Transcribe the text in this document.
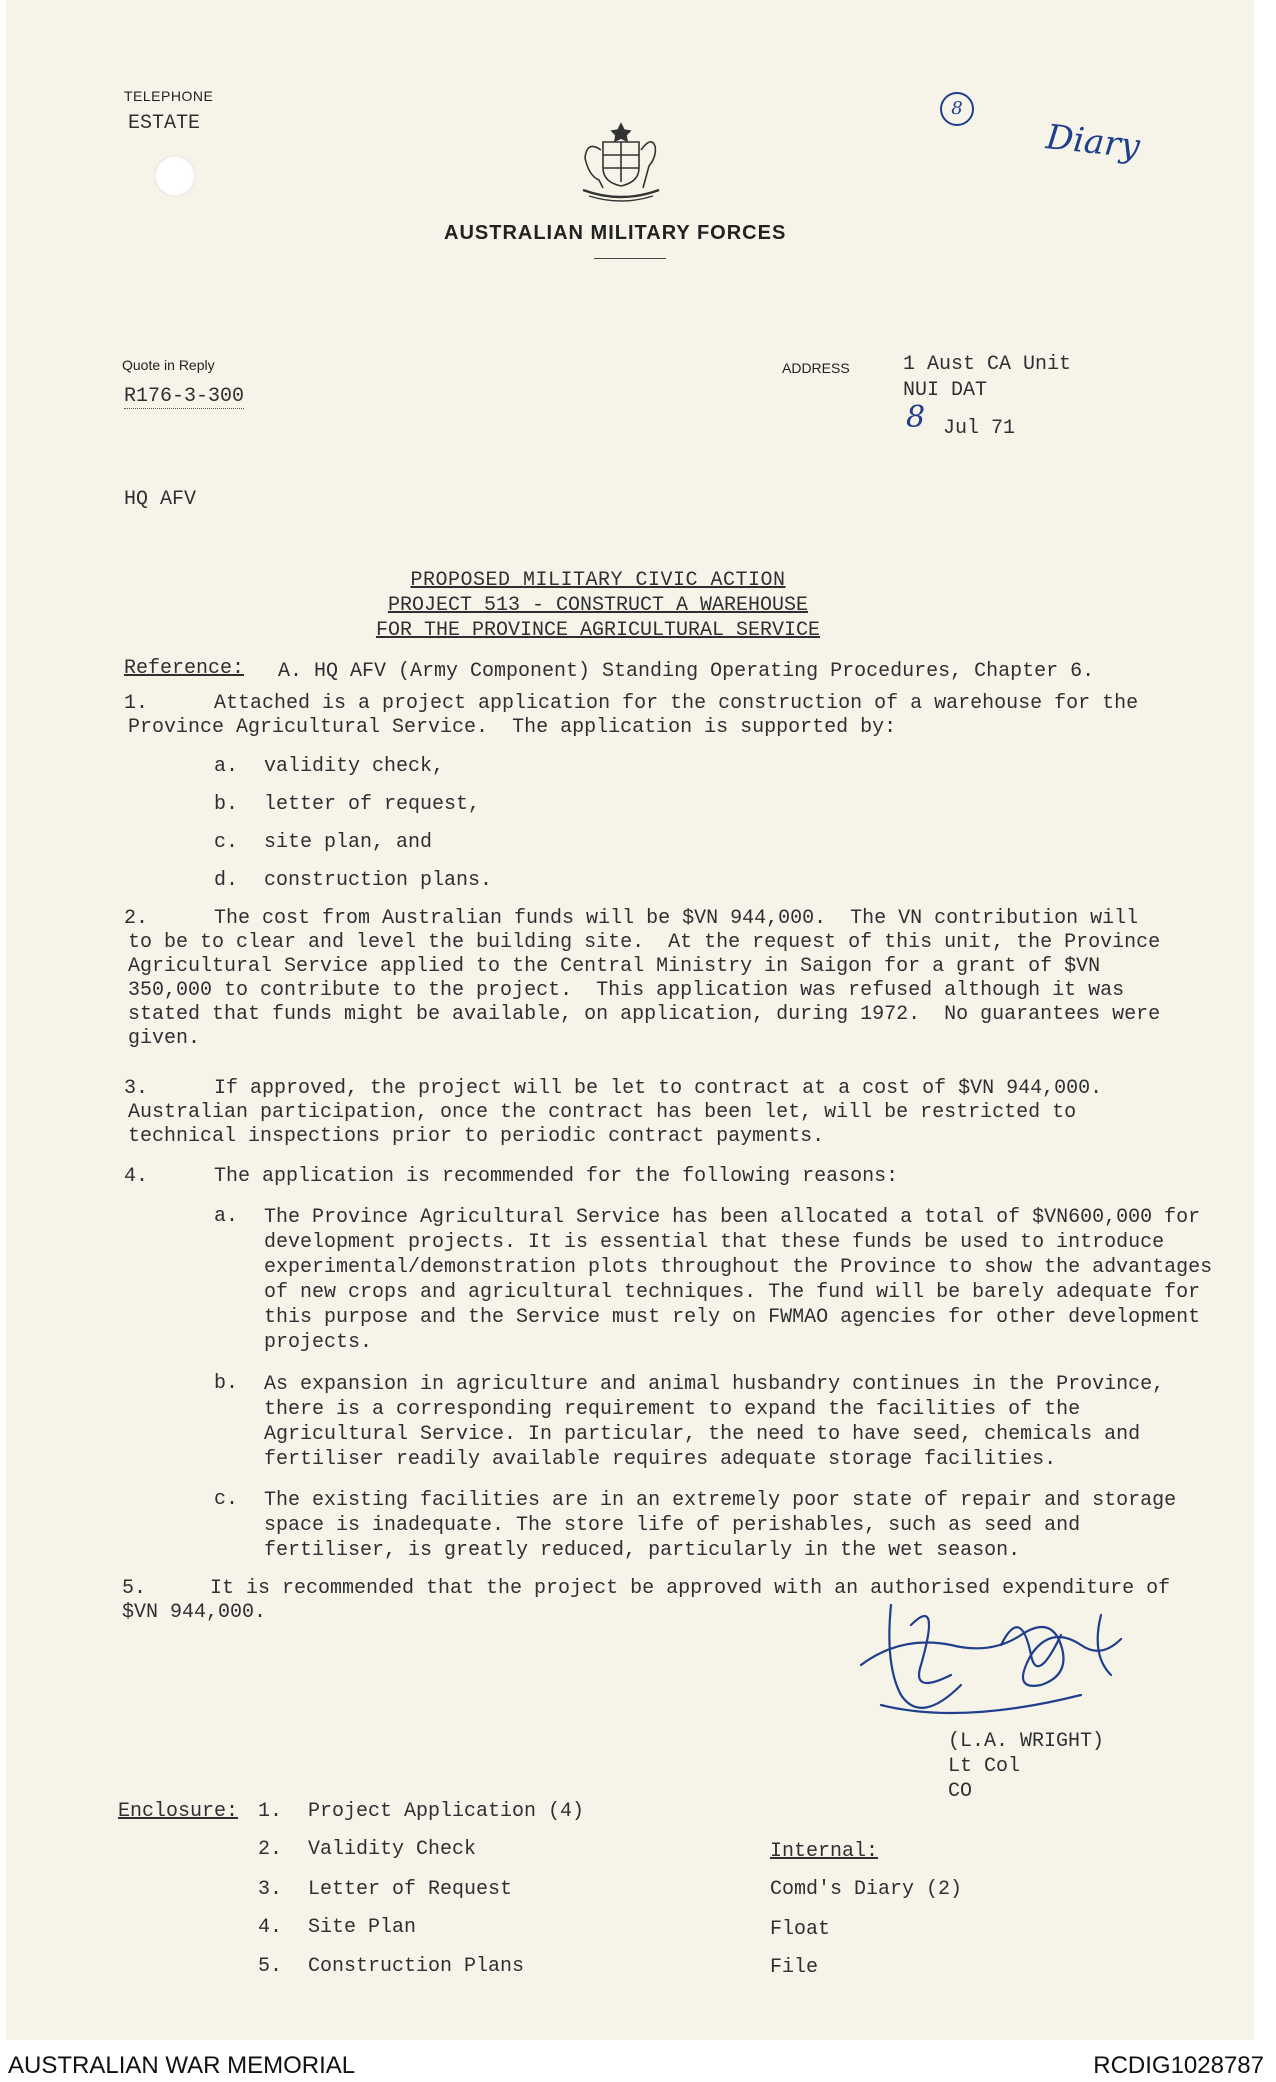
TELEPHONE
ESTATE
AUSTRALIAN MILITARY FORCES
Quote in Reply
R176-3-300
ADDRESS	1 Aust CA Unit
NUI DAT
8 Jul 71
8
Diary
HQ AFV
PROPOSED MILITARY CIVIC ACTION
PROJECT 513 - CONSTRUCT A WAREHOUSE
FOR THE PROVINCE AGRICULTURAL SERVICE
Reference: A. HQ AFV (Army Component) Standing Operating Procedures, Chapter 6.
1.	Attached is a project application for the construction of a warehouse for the Province Agricultural Service.  The application is supported by:
a. validity check,
b. letter of request,
c. site plan, and
d. construction plans.
2.	The cost from Australian funds will be $VN 944,000.  The VN contribution will to be to clear and level the building site.  At the request of this unit, the Province Agricultural Service applied to the Central Ministry in Saigon for a grant of $VN 350,000 to contribute to the project.  This application was refused although it was stated that funds might be available, on application, during 1972.  No guarantees were given.
3.	If approved, the project will be let to contract at a cost of $VN 944,000. Australian participation, once the contract has been let, will be restricted to technical inspections prior to periodic contract payments.
4.	The application is recommended for the following reasons:
a. The Province Agricultural Service has been allocated a total of $VN600,000 for development projects. It is essential that these funds be used to introduce experimental/demonstration plots throughout the Province to show the advantages of new crops and agricultural techniques. The fund will be barely adequate for this purpose and the Service must rely on FWMAO agencies for other development projects.
b. As expansion in agriculture and animal husbandry continues in the Province, there is a corresponding requirement to expand the facilities of the Agricultural Service. In particular, the need to have seed, chemicals and fertiliser readily available requires adequate storage facilities.
c. The existing facilities are in an extremely poor state of repair and storage space is inadequate. The store life of perishables, such as seed and fertiliser, is greatly reduced, particularly in the wet season.
5.	It is recommended that the project be approved with an authorised expenditure of $VN 944,000.
(L.A. WRIGHT)
Lt Col
CO
Enclosure: 1. Project Application (4)
2. Validity Check
3. Letter of Request
4. Site Plan
5. Construction Plans
Internal:
Comd's Diary (2)
Float
File
AUSTRALIAN WAR MEMORIAL	RCDIG1028787
